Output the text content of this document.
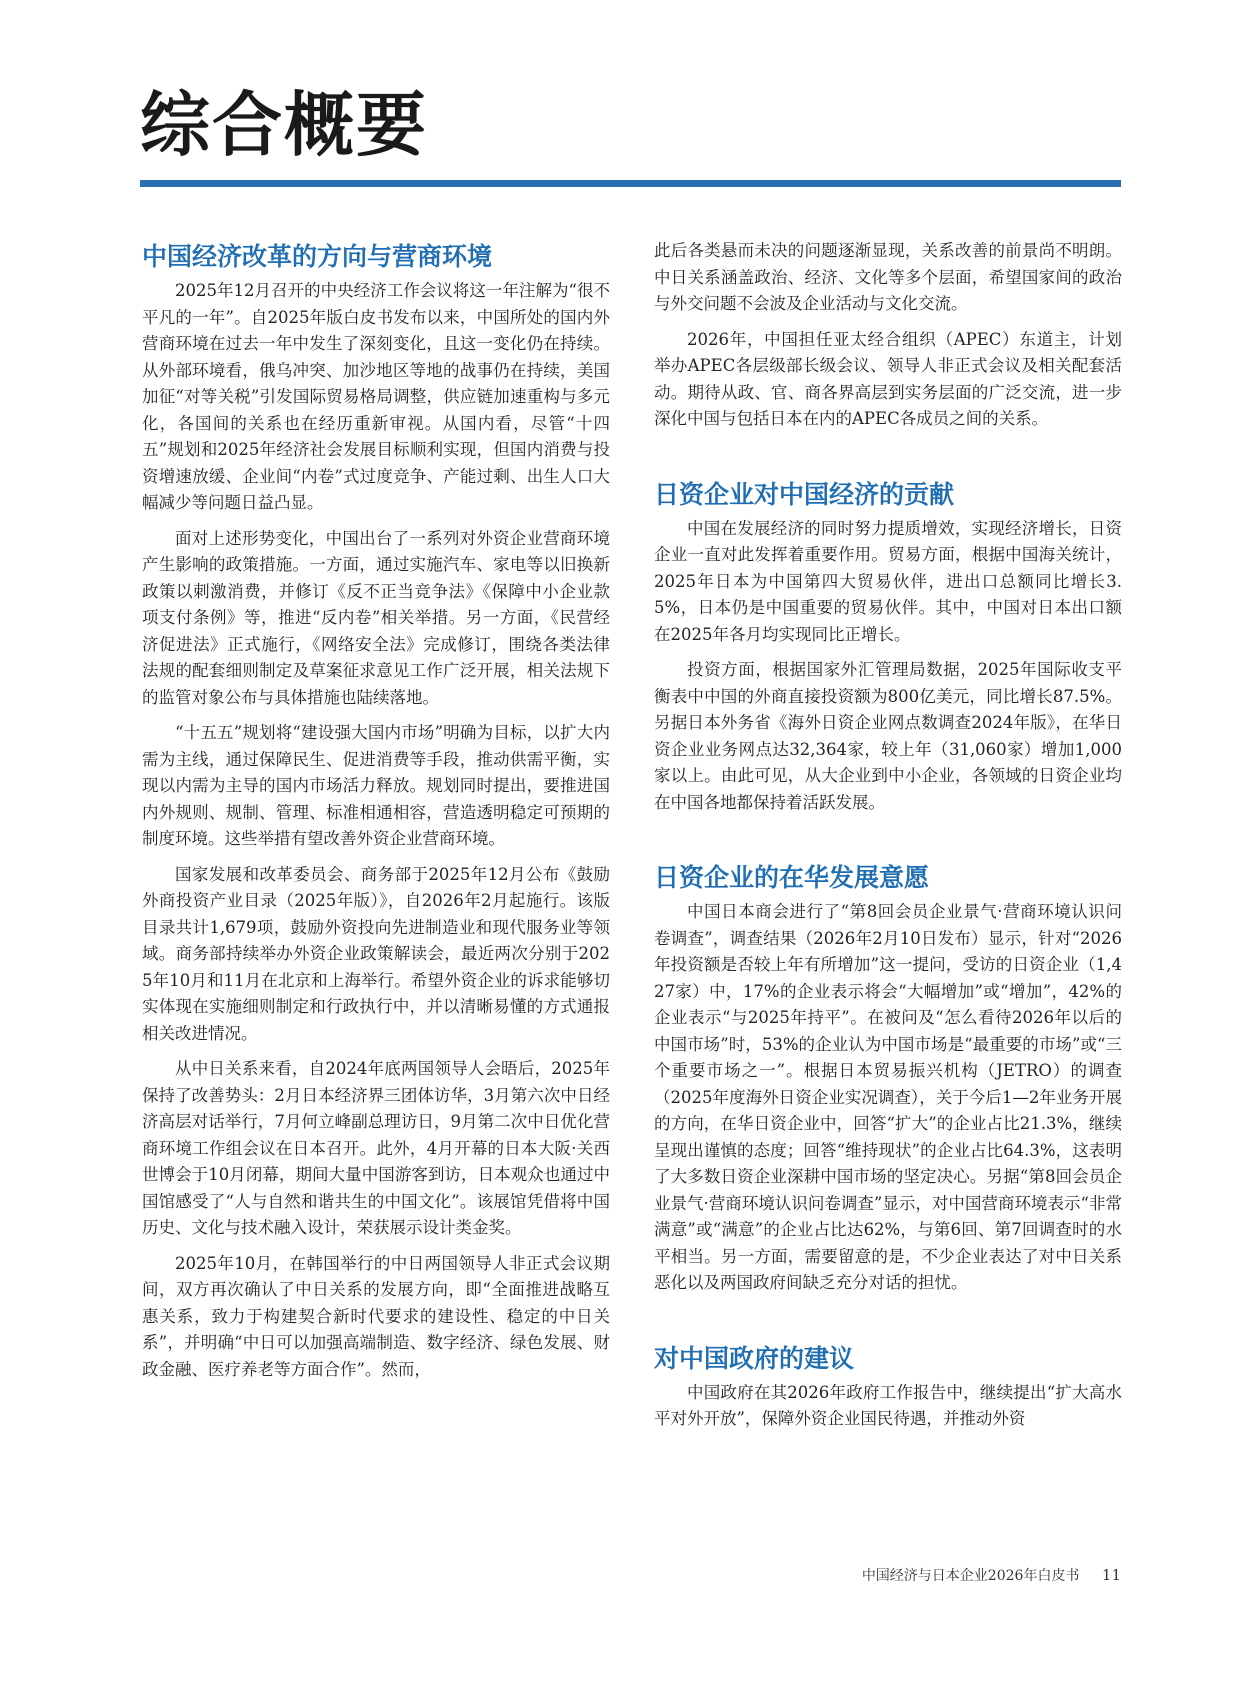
综合概要
中国经济改革的方向与营商环境

2025年12月召开的中央经济工作会议将这一年注解为“很不平凡的一年”。自2025年版白皮书发布以来，中国所处的国内外营商环境在过去一年中发生了深刻变化，且这一变化仍在持续。从外部环境看，俄乌冲突、加沙地区等地的战事仍在持续，美国加征“对等关税”引发国际贸易格局调整，供应链加速重构与多元化，各国间的关系也在经历重新审视。从国内看，尽管“十四五”规划和2025年经济社会发展目标顺利实现，但国内消费与投资增速放缓、企业间“内卷”式过度竞争、产能过剩、出生人口大幅减少等问题日益凸显。

面对上述形势变化，中国出台了一系列对外资企业营商环境产生影响的政策措施。一方面，通过实施汽车、家电等以旧换新政策以刺激消费，并修订《反不正当竞争法》《保障中小企业款项支付条例》等，推进“反内卷”相关举措。另一方面，《民营经济促进法》正式施行，《网络安全法》完成修订，围绕各类法律法规的配套细则制定及草案征求意见工作广泛开展，相关法规下的监管对象公布与具体措施也陆续落地。

“十五五”规划将“建设强大国内市场”明确为目标，以扩大内需为主线，通过保障民生、促进消费等手段，推动供需平衡，实现以内需为主导的国内市场活力释放。规划同时提出，要推进国内外规则、规制、管理、标准相通相容，营造透明稳定可预期的制度环境。这些举措有望改善外资企业营商环境。

国家发展和改革委员会、商务部于2025年12月公布《鼓励外商投资产业目录（2025年版）》，自2026年2月起施行。该版目录共计1,679项，鼓励外资投向先进制造业和现代服务业等领域。商务部持续举办外资企业政策解读会，最近两次分别于2025年10月和11月在北京和上海举行。希望外资企业的诉求能够切实体现在实施细则制定和行政执行中，并以清晰易懂的方式通报相关改进情况。

从中日关系来看，自2024年底两国领导人会晤后，2025年保持了改善势头：2月日本经济界三团体访华，3月第六次中日经济高层对话举行，7月何立峰副总理访日，9月第二次中日优化营商环境工作组会议在日本召开。此外，4月开幕的日本大阪·关西世博会于10月闭幕，期间大量中国游客到访，日本观众也通过中国馆感受了“人与自然和谐共生的中国文化”。该展馆凭借将中国历史、文化与技术融入设计，荣获展示设计类金奖。

2025年10月，在韩国举行的中日两国领导人非正式会议期间，双方再次确认了中日关系的发展方向，即“全面推进战略互惠关系，致力于构建契合新时代要求的建设性、稳定的中日关系”，并明确“中日可以加强高端制造、数字经济、绿色发展、财政金融、医疗养老等方面合作”。然而，

此后各类悬而未决的问题逐渐显现，关系改善的前景尚不明朗。中日关系涵盖政治、经济、文化等多个层面，希望国家间的政治与外交问题不会波及企业活动与文化交流。

2026年，中国担任亚太经合组织（APEC）东道主，计划举办APEC各层级部长级会议、领导人非正式会议及相关配套活动。期待从政、官、商各界高层到实务层面的广泛交流，进一步深化中国与包括日本在内的APEC各成员之间的关系。

日资企业对中国经济的贡献

中国在发展经济的同时努力提质增效，实现经济增长，日资企业一直对此发挥着重要作用。贸易方面，根据中国海关统计，2025年日本为中国第四大贸易伙伴，进出口总额同比增长3.5%，日本仍是中国重要的贸易伙伴。其中，中国对日本出口额在2025年各月均实现同比正增长。

投资方面，根据国家外汇管理局数据，2025年国际收支平衡表中中国的外商直接投资额为800亿美元，同比增长87.5%。另据日本外务省《海外日资企业网点数调查2024年版》，在华日资企业业务网点达32,364家，较上年（31,060家）增加1,000家以上。由此可见，从大企业到中小企业，各领域的日资企业均在中国各地都保持着活跃发展。

日资企业的在华发展意愿

中国日本商会进行了“第8回会员企业景气·营商环境认识问卷调查”，调查结果（2026年2月10日发布）显示，针对“2026年投资额是否较上年有所增加”这一提问，受访的日资企业（1,427家）中，17%的企业表示将会“大幅增加”或“增加”，42%的企业表示“与2025年持平”。在被问及“怎么看待2026年以后的中国市场”时，53%的企业认为中国市场是“最重要的市场”或“三个重要市场之一”。根据日本贸易振兴机构（JETRO）的调查（2025年度海外日资企业实况调查），关于今后1—2年业务开展的方向，在华日资企业中，回答“扩大”的企业占比21.3%，继续呈现出谨慎的态度；回答“维持现状”的企业占比64.3%，这表明了大多数日资企业深耕中国市场的坚定决心。另据“第8回会员企业景气·营商环境认识问卷调查”显示，对中国营商环境表示“非常满意”或“满意”的企业占比达62%，与第6回、第7回调查时的水平相当。另一方面，需要留意的是，不少企业表达了对中日关系恶化以及两国政府间缺乏充分对话的担忧。

对中国政府的建议

中国政府在其2026年政府工作报告中，继续提出“扩大高水平对外开放”，保障外资企业国民待遇，并推动外资

中国经济与日本企业2026年白皮书 11
